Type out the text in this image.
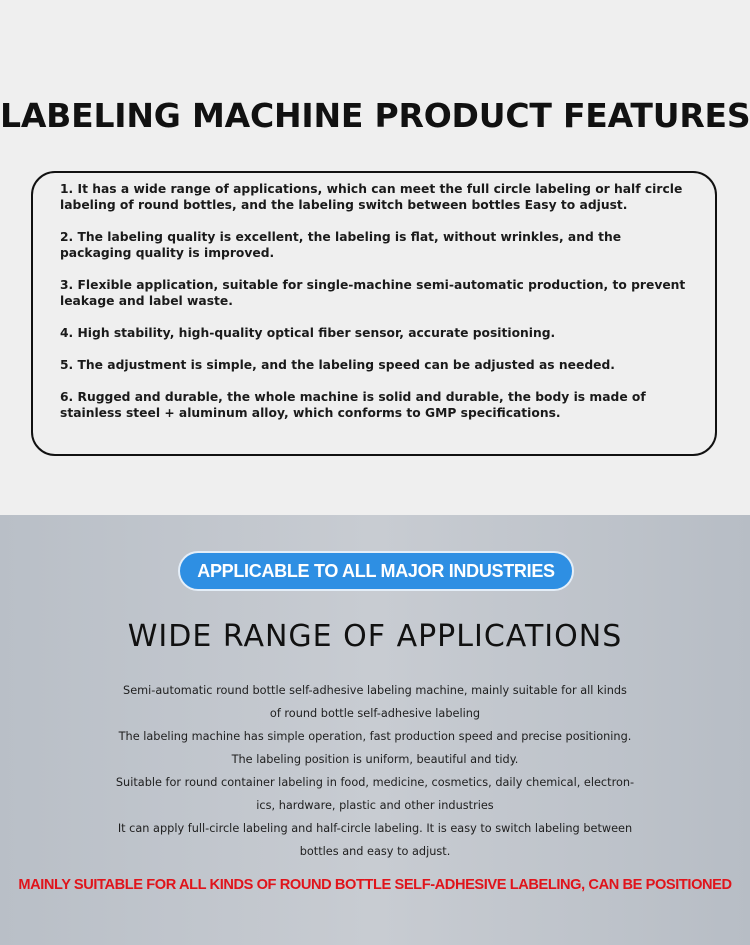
LABELING MACHINE PRODUCT FEATURES

1. It has a wide range of applications, which can meet the full circle labeling or half circle labeling of round bottles, and the labeling switch between bottles Easy to adjust.

2. The labeling quality is excellent, the labeling is flat, without wrinkles, and the packaging quality is improved.

3. Flexible application, suitable for single-machine semi-automatic production, to prevent leakage and label waste.

4. High stability, high-quality optical fiber sensor, accurate positioning.

5. The adjustment is simple, and the labeling speed can be adjusted as needed.

6. Rugged and durable, the whole machine is solid and durable, the body is made of stainless steel + aluminum alloy, which conforms to GMP specifications.

APPLICABLE TO ALL MAJOR INDUSTRIES
WIDE RANGE OF APPLICATIONS
Semi-automatic round bottle self-adhesive labeling machine, mainly suitable for all kinds
of round bottle self-adhesive labeling
The labeling machine has simple operation, fast production speed and precise positioning.
The labeling position is uniform, beautiful and tidy.
Suitable for round container labeling in food, medicine, cosmetics, daily chemical, electron-
ics, hardware, plastic and other industries
It can apply full-circle labeling and half-circle labeling. It is easy to switch labeling between
bottles and easy to adjust.
MAINLY SUITABLE FOR ALL KINDS OF ROUND BOTTLE SELF-ADHESIVE LABELING, CAN BE POSITIONED
